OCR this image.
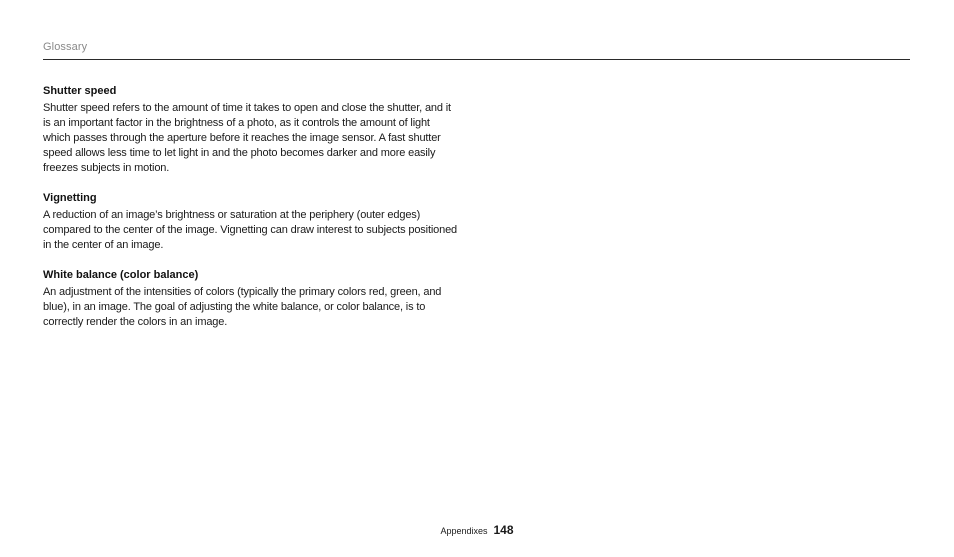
Glossary
Shutter speed

Shutter speed refers to the amount of time it takes to open and close the shutter, and it is an important factor in the brightness of a photo, as it controls the amount of light which passes through the aperture before it reaches the image sensor. A fast shutter speed allows less time to let light in and the photo becomes darker and more easily freezes subjects in motion.

Vignetting

A reduction of an image’s brightness or saturation at the periphery (outer edges) compared to the center of the image. Vignetting can draw interest to subjects positioned in the center of an image.

White balance (color balance)

An adjustment of the intensities of colors (typically the primary colors red, green, and blue), in an image. The goal of adjusting the white balance, or color balance, is to correctly render the colors in an image.

Appendixes 148
